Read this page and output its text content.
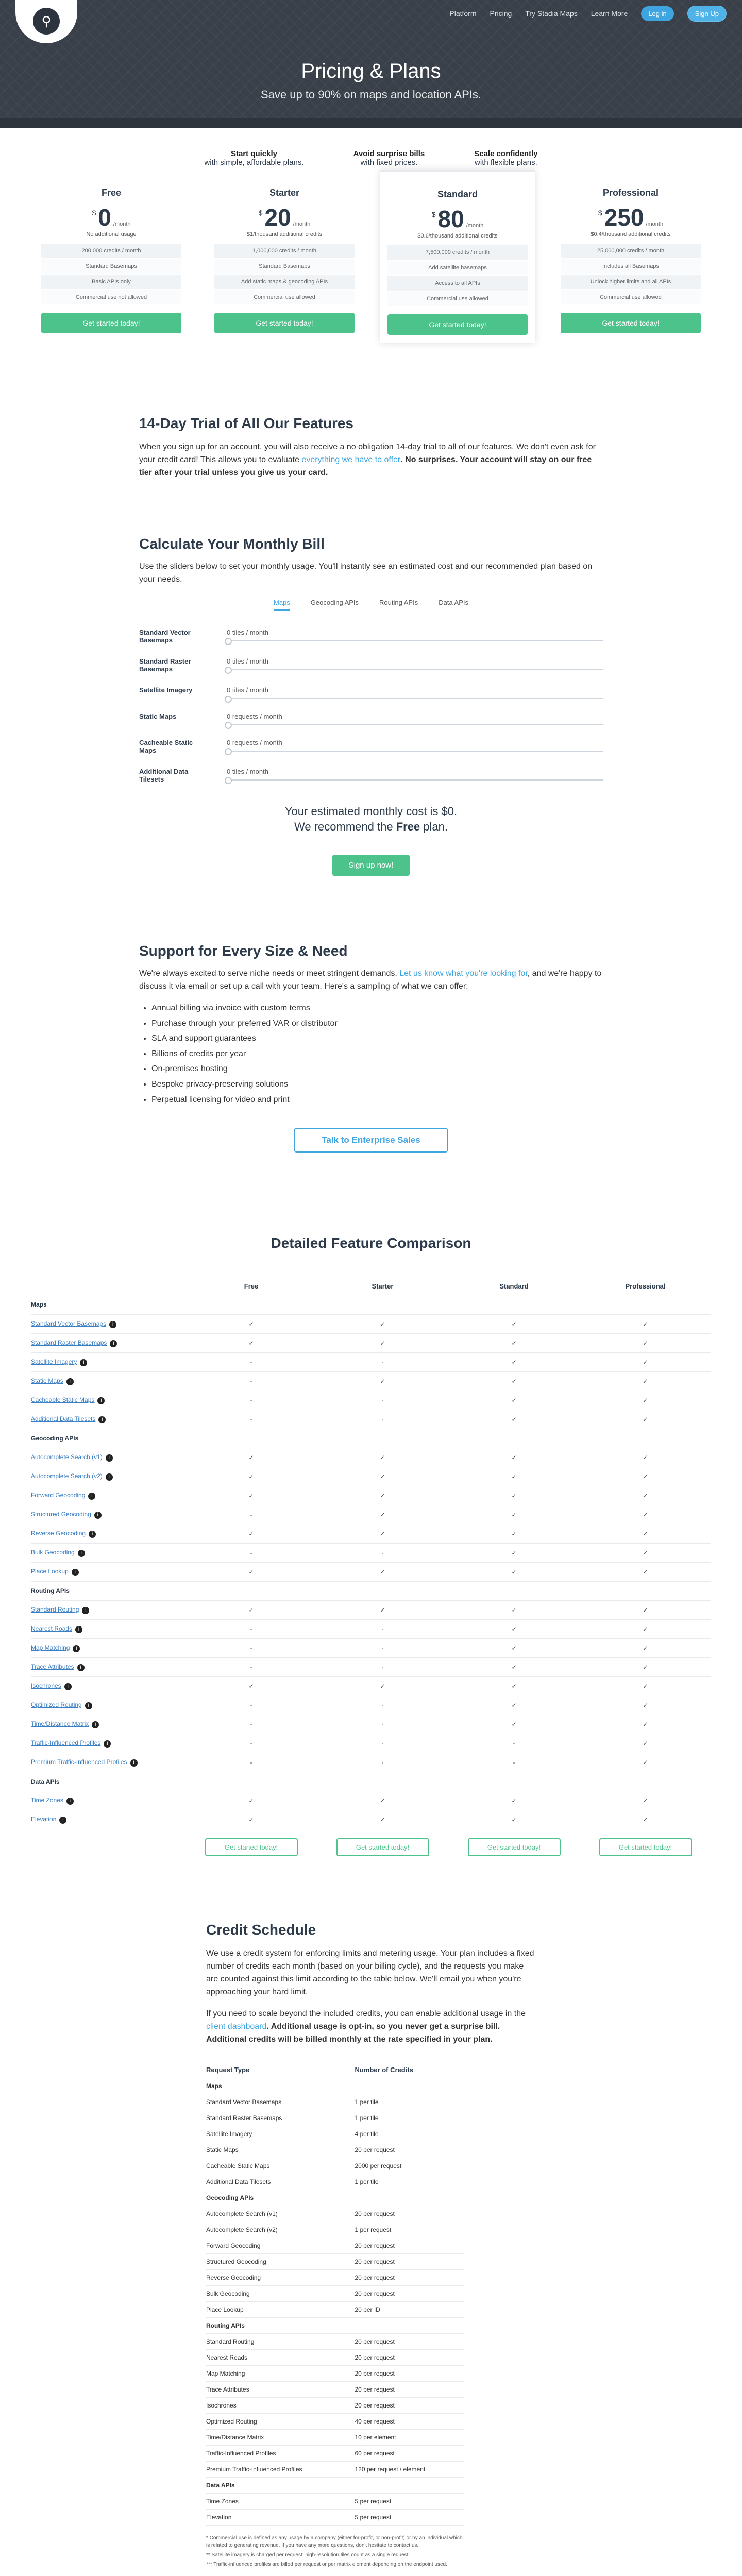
⚲	Platform Pricing Try Stadia Maps Learn More	Log in	Sign Up
Pricing & Plans
Save up to 90% on maps and location APIs.
Start quickly
with simple, affordable plans.
Avoid surprise bills
with fixed prices.
Scale confidently
with flexible plans.
Free
$ 0 /month
No additional usage
200,000 credits / month
Standard Basemaps
Basic APIs only
Commercial use not allowed
Get started today!
Starter
$ 20 /month
$1/thousand additional credits
1,000,000 credits / month
Standard Basemaps
Add static maps & geocoding APIs
Commercial use allowed
Get started today!
Standard
$ 80 /month
$0.6/thousand additional credits
7,500,000 credits / month
Add satellite basemaps
Access to all APIs
Commercial use allowed
Get started today!
Professional
$ 250 /month
$0.4/thousand additional credits
25,000,000 credits / month
Includes all Basemaps
Unlock higher limits and all APIs
Commercial use allowed
Get started today!
14-Day Trial of All Our Features

When you sign up for an account, you will also receive a no obligation 14-day trial to all of our features. We don't even ask for your credit card! This allows you to evaluate everything we have to offer. No surprises. Your account will stay on our free tier after your trial unless you give us your card.

Calculate Your Monthly Bill

Use the sliders below to set your monthly usage. You'll instantly see an estimated cost and our recommended plan based on your needs.

Maps	Geocoding APIs	Routing APIs	Data APIs
Standard Vector Basemaps
0 tiles / month
Standard Raster Basemaps
0 tiles / month
Satellite Imagery	0 tiles / month
Static Maps	0 requests / month
Cacheable Static Maps
0 requests / month
Additional Data Tilesets
0 tiles / month
Your estimated monthly cost is $0.
We recommend the Free plan.
Sign up now!
Support for Every Size & Need

We're always excited to serve niche needs or meet stringent demands. Let us know what you're looking for, and we're happy to discuss it via email or set up a call with your team. Here's a sampling of what we can offer:

• Annual billing via invoice with custom terms
• Purchase through your preferred VAR or distributor
• SLA and support guarantees
• Billions of credits per year
• On-premises hosting
• Bespoke privacy-preserving solutions
• Perpetual licensing for video and print
Talk to Enterprise Sales
Detailed Feature Comparison
	Free	Starter	Standard	Professional
Maps				
Standard Vector Basemaps i	✓	✓	✓	✓
Standard Raster Basemaps i	✓	✓	✓	✓
Satellite Imagery i	-	-	✓	✓
Static Maps i	-	✓	✓	✓
Cacheable Static Maps i	-	-	✓	✓
Additional Data Tilesets i	-	-	✓	✓
Geocoding APIs				
Autocomplete Search (v1) i	✓	✓	✓	✓
Autocomplete Search (v2) i	✓	✓	✓	✓
Forward Geocoding i	✓	✓	✓	✓
Structured Geocoding i	-	✓	✓	✓
Reverse Geocoding i	✓	✓	✓	✓
Bulk Geocoding i	-	-	✓	✓
Place Lookup i	✓	✓	✓	✓
Routing APIs				
Standard Routing i	✓	✓	✓	✓
Nearest Roads i	-	-	✓	✓
Map Matching i	-	-	✓	✓
Trace Attributes i	-	-	✓	✓
Isochrones i	✓	✓	✓	✓
Optimized Routing i	-	-	✓	✓
Time/Distance Matrix i	-	-	✓	✓
Traffic-Influenced Profiles i	-	-	-	✓
Premium Traffic-Influenced Profiles i	-	-	-	✓
Data APIs				
Time Zones i	✓	✓	✓	✓
Elevation i	✓	✓	✓	✓
	Get started today!	Get started today!	Get started today!	Get started today!
Credit Schedule

We use a credit system for enforcing limits and metering usage. Your plan includes a fixed number of credits each month (based on your billing cycle), and the requests you make are counted against this limit according to the table below. We'll email you when you're approaching your hard limit.

If you need to scale beyond the included credits, you can enable additional usage in the client dashboard. Additional usage is opt-in, so you never get a surprise bill. Additional credits will be billed monthly at the rate specified in your plan.

Request Type	Number of Credits
Maps	
Standard Vector Basemaps	1 per tile
Standard Raster Basemaps	1 per tile
Satellite Imagery	4 per tile
Static Maps	20 per request
Cacheable Static Maps	2000 per request
Additional Data Tilesets	1 per tile
Geocoding APIs	
Autocomplete Search (v1)	20 per request
Autocomplete Search (v2)	1 per request
Forward Geocoding	20 per request
Structured Geocoding	20 per request
Reverse Geocoding	20 per request
Bulk Geocoding	20 per request
Place Lookup	20 per ID
Routing APIs	
Standard Routing	20 per request
Nearest Roads	20 per request
Map Matching	20 per request
Trace Attributes	20 per request
Isochrones	20 per request
Optimized Routing	40 per request
Time/Distance Matrix	10 per element
Traffic-Influenced Profiles	60 per request
Premium Traffic-Influenced Profiles	120 per request / element
Data APIs	
Time Zones	5 per request
Elevation	5 per request
* Commercial use is defined as any usage by a company (either for-profit, or non-profit) or by an individual which is related to generating revenue. If you have any more questions, don't hesitate to contact us.
** Satellite imagery is charged per request; high-resolution tiles count as a single request.
*** Traffic-influenced profiles are billed per request or per matrix element depending on the endpoint used.
